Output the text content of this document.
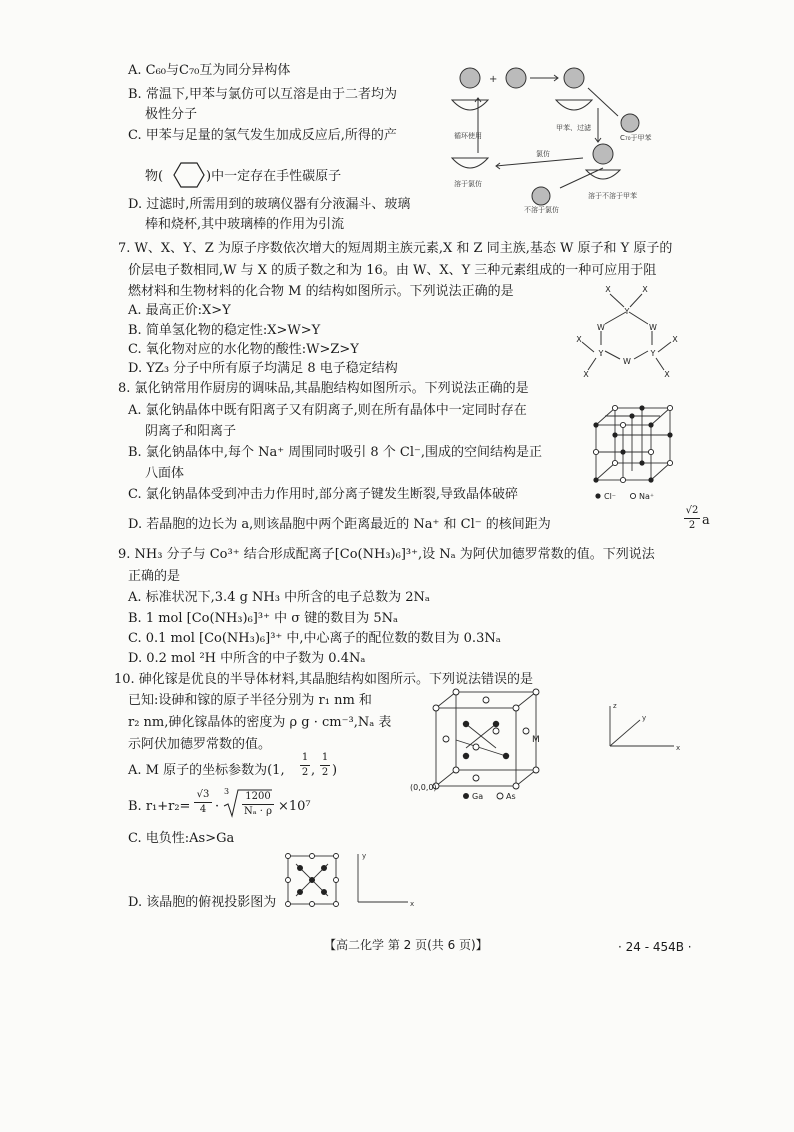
A. C₆₀与C₇₀互为同分异构体
B. 常温下,甲苯与氯仿可以互溶是由于二者均为
极性分子
C. 甲苯与足量的氢气发生加成反应后,所得的产
物(	)中一定存在手性碳原子
D. 过滤时,所需用到的玻璃仪器有分液漏斗、玻璃
棒和烧杯,其中玻璃棒的作用为引流
+
循环使用
甲苯、过滤
C₇₀于甲苯
氯仿
溶于氯仿
溶于不溶于甲苯
不溶于氯仿
7. W、X、Y、Z 为原子序数依次增大的短周期主族元素,X 和 Z 同主族,基态 W 原子和 Y 原子的
价层电子数相同,W 与 X 的质子数之和为 16。由 W、X、Y 三种元素组成的一种可应用于阻
燃材料和生物材料的化合物 M 的结构如图所示。下列说法正确的是
A. 最高正价:X>Y
B. 简单氢化物的稳定性:X>W>Y
C. 氧化物对应的水化物的酸性:W>Z>Y
D. YZ₃ 分子中所有原子均满足 8 电子稳定结构
X	X
Y
W	W
X	X
Y
W
Y
X	X
8. 氯化钠常用作厨房的调味品,其晶胞结构如图所示。下列说法正确的是
A. 氯化钠晶体中既有阳离子又有阴离子,则在所有晶体中一定同时存在
阴离子和阳离子
B. 氯化钠晶体中,每个 Na⁺ 周围同时吸引 8 个 Cl⁻,围成的空间结构是正
八面体
C. 氯化钠晶体受到冲击力作用时,部分离子键发生断裂,导致晶体破碎
D. 若晶胞的边长为 a,则该晶胞中两个距离最近的 Na⁺ 和 Cl⁻ 的核间距为
√2
2 a
Cl⁻	Na⁺
9. NH₃ 分子与 Co³⁺ 结合形成配离子[Co(NH₃)₆]³⁺,设 Nₐ 为阿伏加德罗常数的值。下列说法
正确的是
A. 标准状况下,3.4 g NH₃ 中所含的电子总数为 2Nₐ
B. 1 mol [Co(NH₃)₆]³⁺ 中 σ 键的数目为 5Nₐ
C. 0.1 mol [Co(NH₃)₆]³⁺ 中,中心离子的配位数的数目为 0.3Nₐ
D. 0.2 mol ²H 中所含的中子数为 0.4Nₐ
10. 砷化镓是优良的半导体材料,其晶胞结构如图所示。下列说法错误的是
已知:设砷和镓的原子半径分别为 r₁ nm 和
r₂ nm,砷化镓晶体的密度为 ρ g · cm⁻³,Nₐ 表
示阿伏加德罗常数的值。
A. M 原子的坐标参数为(1,
1
2 ,
1
2 )
B. r₁+r₂=
√3
4 ·
3 1200
Nₐ · ρ ×10⁷
C. 电负性:As>Ga
D. 该晶胞的俯视投影图为
y
x
(0,0,0)
M
Ga	As
z
y
x
【高二化学 第 2 页(共 6 页)】	· 24 - 454B ·
